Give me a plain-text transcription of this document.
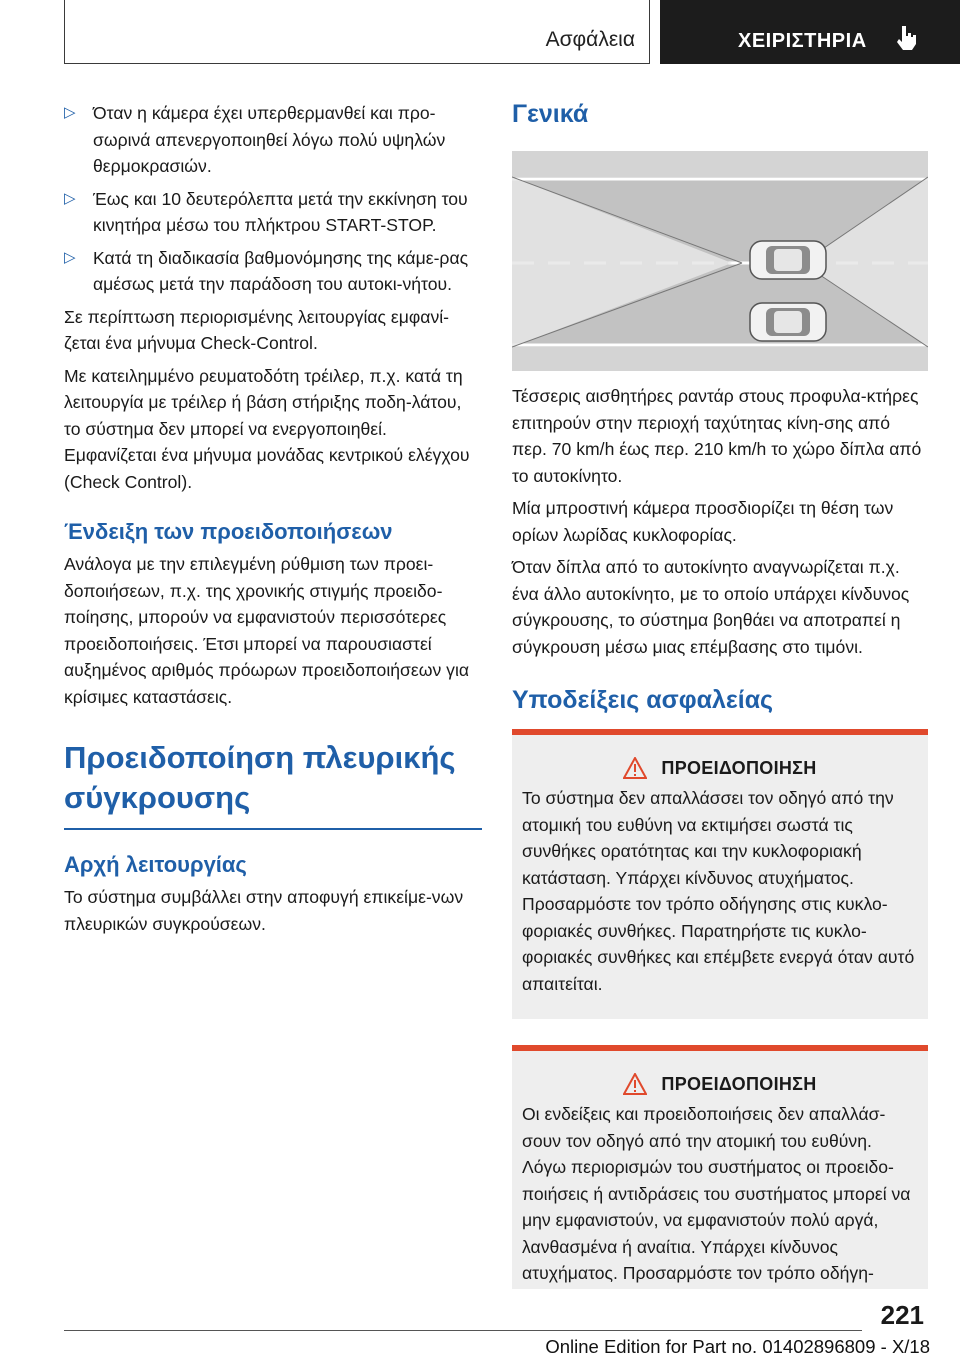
Ασφάλεια	ΧΕΙΡΙΣΤΗΡΙΑ
▷ Όταν η κάμερα έχει υπερθερμανθεί και προ-σωρινά απενεργοποιηθεί λόγω πολύ υψηλών θερμοκρασιών.
▷ Έως και 10 δευτερόλεπτα μετά την εκκίνηση του κινητήρα μέσω του πλήκτρου START-STOP.
▷ Κατά τη διαδικασία βαθμονόμησης της κάμε-ρας αμέσως μετά την παράδοση του αυτοκι-νήτου.

Σε περίπτωση περιορισμένης λειτουργίας εμφανί-ζεται ένα μήνυμα Check-Control.

Με κατειλημμένο ρευματοδότη τρέιλερ, π.χ. κατά τη λειτουργία με τρέιλερ ή βάση στήριξης ποδη-λάτου, το σύστημα δεν μπορεί να ενεργοποιηθεί. Εμφανίζεται ένα μήνυμα μονάδας κεντρικού ελέγχου (Check Control).

Ένδειξη των προειδοποιήσεων

Ανάλογα με την επιλεγμένη ρύθμιση των προει-δοποιήσεων, π.χ. της χρονικής στιγμής προειδο-ποίησης, μπορούν να εμφανιστούν περισσότερες προειδοποιήσεις. Έτσι μπορεί να παρουσιαστεί αυξημένος αριθμός πρόωρων προειδοποιήσεων για κρίσιμες καταστάσεις.

Προειδοποίηση πλευρικής σύγκρουσης
Αρχή λειτουργίας

Το σύστημα συμβάλλει στην αποφυγή επικείμε-νων πλευρικών συγκρούσεων.

Γενικά

Τέσσερις αισθητήρες ραντάρ στους προφυλα-κτήρες επιτηρούν στην περιοχή ταχύτητας κίνη-σης από περ. 70 km/h έως περ. 210 km/h το χώρο δίπλα από το αυτοκίνητο.

Μία μπροστινή κάμερα προσδιορίζει τη θέση των ορίων λωρίδας κυκλοφορίας.

Όταν δίπλα από το αυτοκίνητο αναγνωρίζεται π.χ. ένα άλλο αυτοκίνητο, με το οποίο υπάρχει κίνδυνος σύγκρουσης, το σύστημα βοηθάει να αποτραπεί η σύγκρουση μέσω μιας επέμβασης στο τιμόνι.

Υποδείξεις ασφαλείας
ΠΡΟΕΙΔΟΠΟΙΗΣΗ

Το σύστημα δεν απαλλάσσει τον οδηγό από την ατομική του ευθύνη να εκτιμήσει σωστά τις συνθήκες ορατότητας και την κυκλοφοριακή κατάσταση. Υπάρχει κίνδυνος ατυχήματος. Προσαρμόστε τον τρόπο οδήγησης στις κυκλο-φοριακές συνθήκες. Παρατηρήστε τις κυκλο-φοριακές συνθήκες και επέμβετε ενεργά όταν αυτό απαιτείται.

ΠΡΟΕΙΔΟΠΟΙΗΣΗ

Οι ενδείξεις και προειδοποιήσεις δεν απαλλάσ-σουν τον οδηγό από την ατομική του ευθύνη. Λόγω περιορισμών του συστήματος οι προειδο-ποιήσεις ή αντιδράσεις του συστήματος μπορεί να μην εμφανιστούν, να εμφανιστούν πολύ αργά, λανθασμένα ή αναίτια. Υπάρχει κίνδυνος ατυχήματος. Προσαρμόστε τον τρόπο οδήγη-

221
Online Edition for Part no. 01402896809 - X/18
